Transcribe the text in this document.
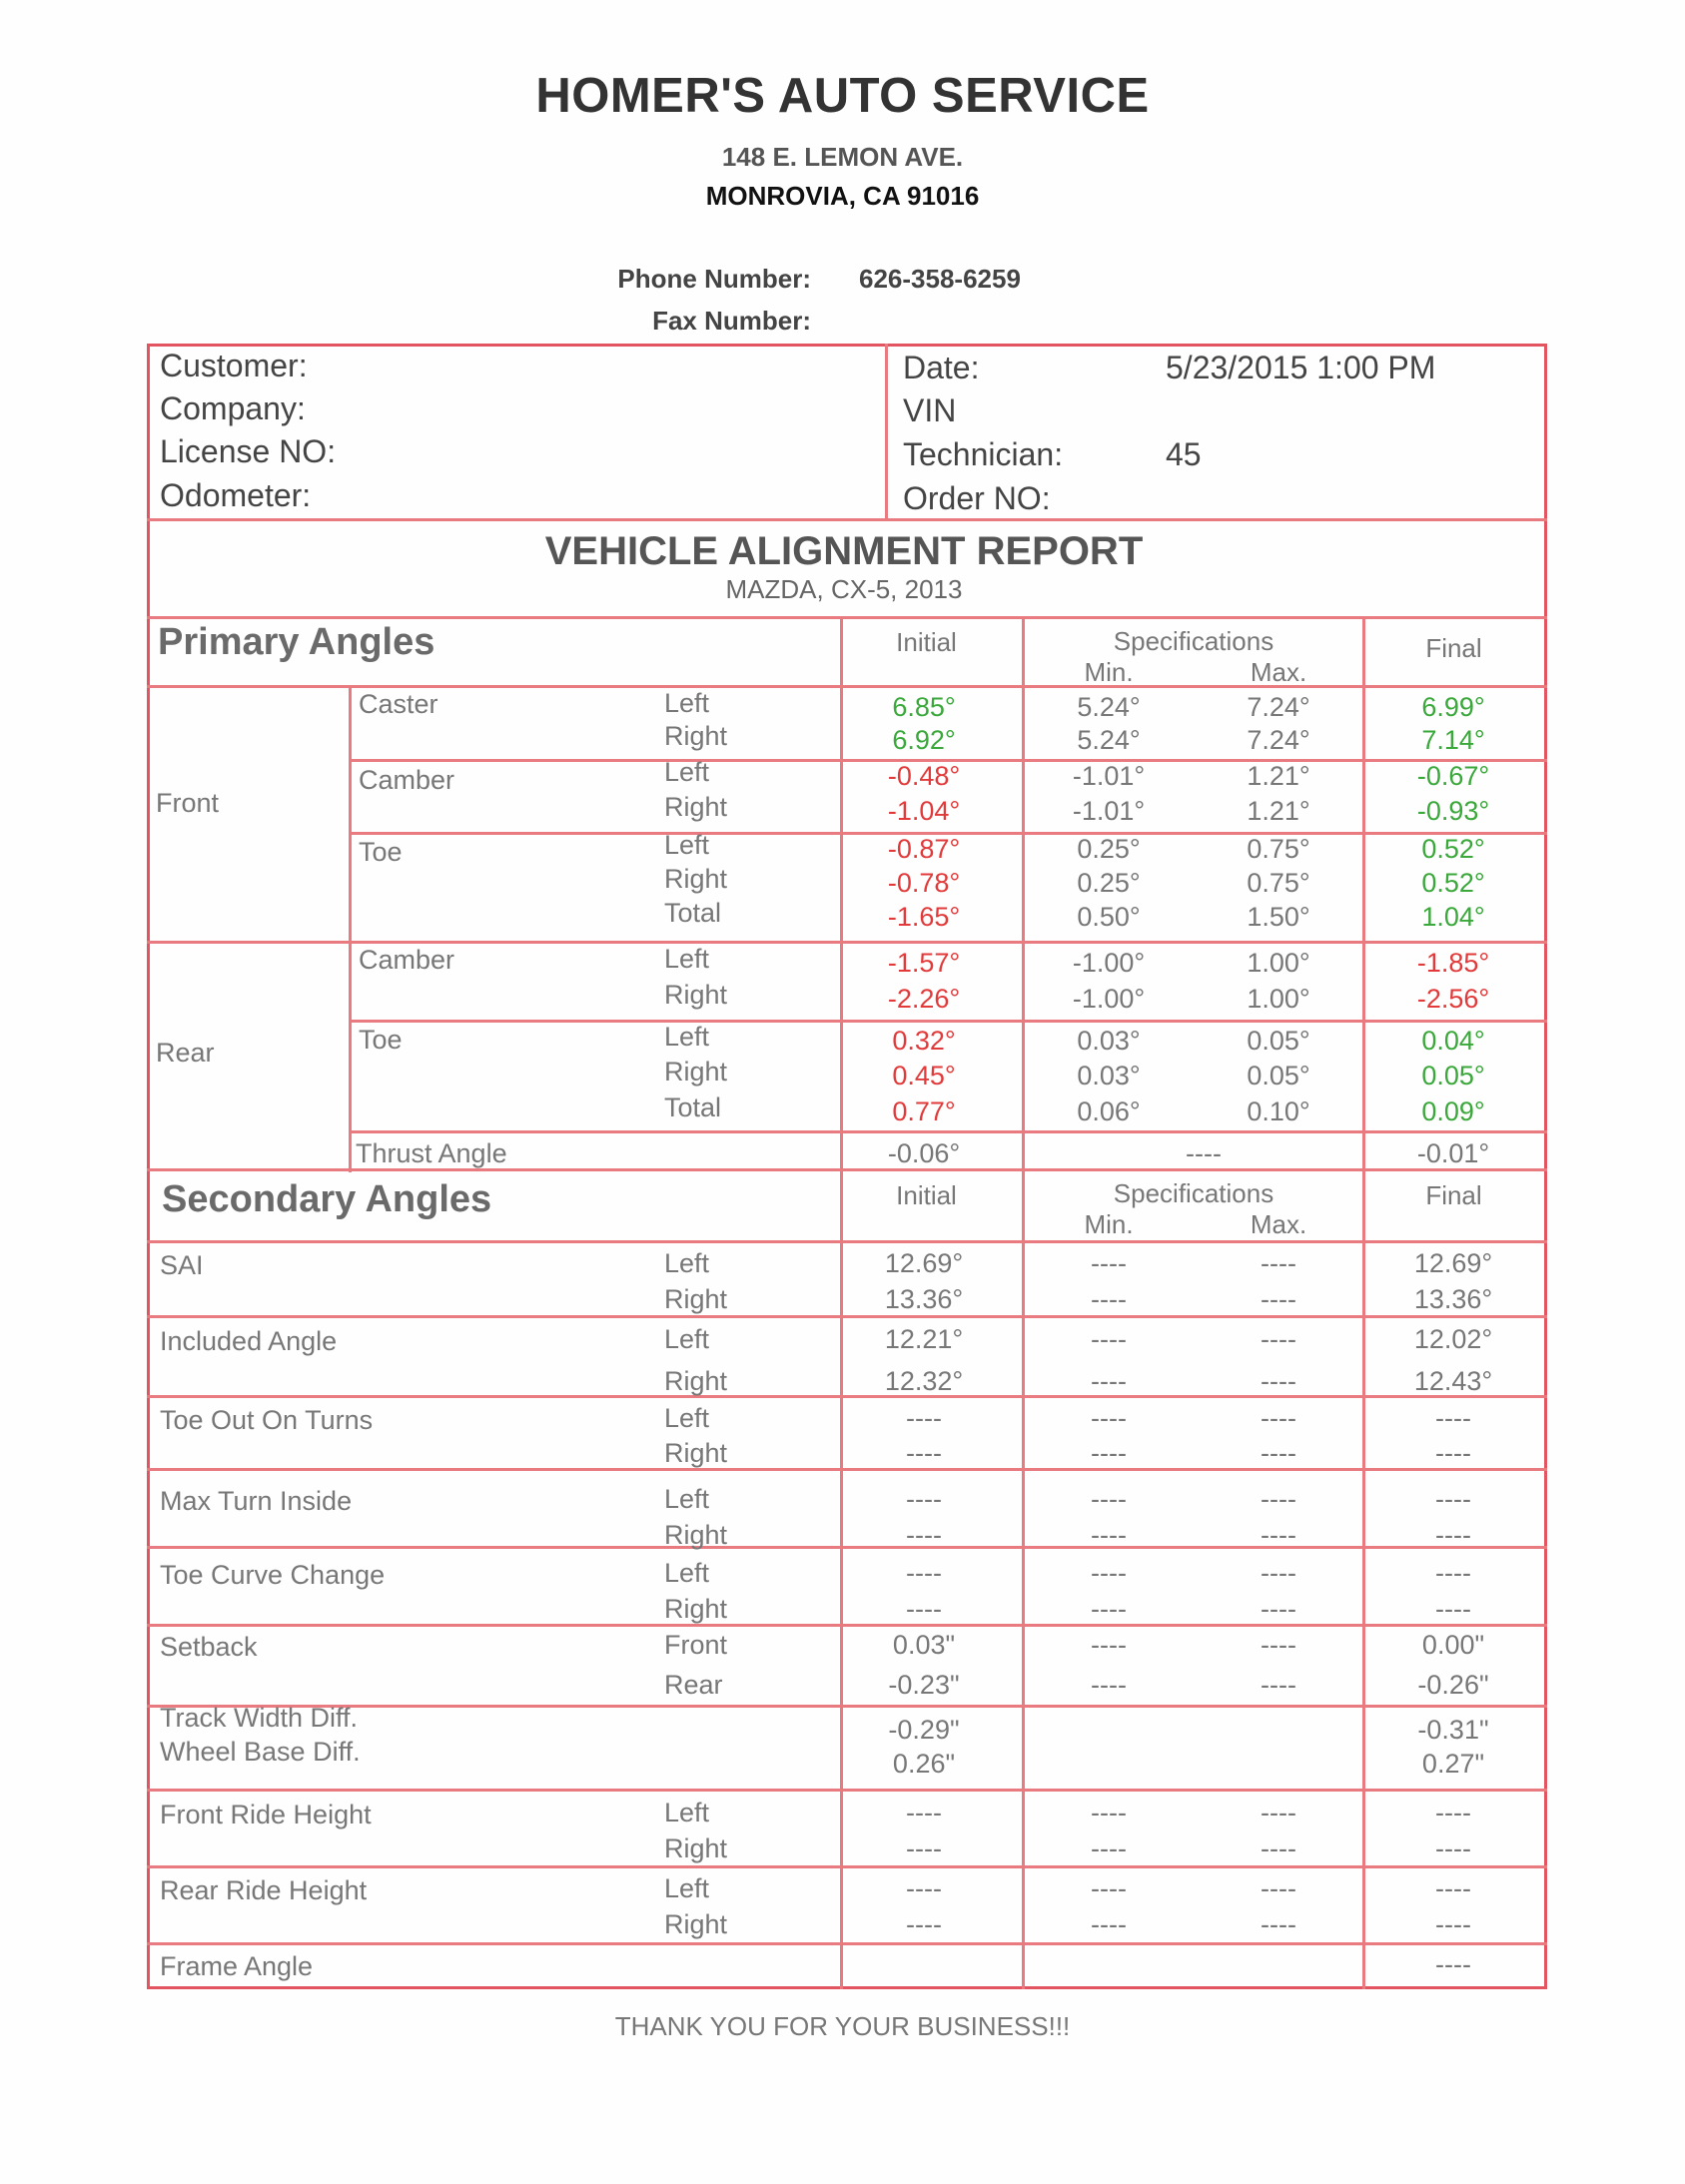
HOMER'S AUTO SERVICE
148 E. LEMON AVE.
MONROVIA, CA 91016
Phone Number: 626-358-6259
Fax Number:
Customer:
Company:
License NO:
Odometer:
Date:	5/23/2015 1:00 PM
VIN
Technician:	45
Order NO:
VEHICLE ALIGNMENT REPORT
MAZDA, CX-5, 2013
Primary Angles	Initial	Specifications
Min.	Max.
Final
Front
Rear
Caster	Left	6.85°	5.24°	7.24°	6.99°
Right	6.92°	5.24°	7.24°	7.14°
Camber	Left	-0.48°	-1.01°	1.21°	-0.67°
Right	-1.04°	-1.01°	1.21°	-0.93°
Toe	Left	-0.87°	0.25°	0.75°	0.52°
Right	-0.78°	0.25°	0.75°	0.52°
Total	-1.65°	0.50°	1.50°	1.04°
Camber	Left	-1.57°	-1.00°	1.00°	-1.85°
Right	-2.26°	-1.00°	1.00°	-2.56°
Toe	Left	0.32°	0.03°	0.05°	0.04°
Right	0.45°	0.03°	0.05°	0.05°
Total	0.77°	0.06°	0.10°	0.09°
Thrust Angle	-0.06°	----	-0.01°
Secondary Angles	Initial	Specifications
Min.	Max.
Final
SAI	Left	12.69°	----	----	12.69°
Right	13.36°	----	----	13.36°
Included Angle	Left	12.21°	----	----	12.02°
Right	12.32°	----	----	12.43°
Toe Out On Turns	Left	----	----	----	----
Right	----	----	----	----
Max Turn Inside	Left	----	----	----	----
Right	----	----	----	----
Toe Curve Change	Left	----	----	----	----
Right	----	----	----	----
Setback	Front	0.03"	----	----	0.00"
Rear	-0.23"	----	----	-0.26"
Track Width Diff.	-0.29"	-0.31"
Wheel Base Diff.	0.26"	0.27"
Front Ride Height	Left	----	----	----	----
Right	----	----	----	----
Rear Ride Height	Left	----	----	----	----
Right	----	----	----	----
Frame Angle	----
THANK YOU FOR YOUR BUSINESS!!!
